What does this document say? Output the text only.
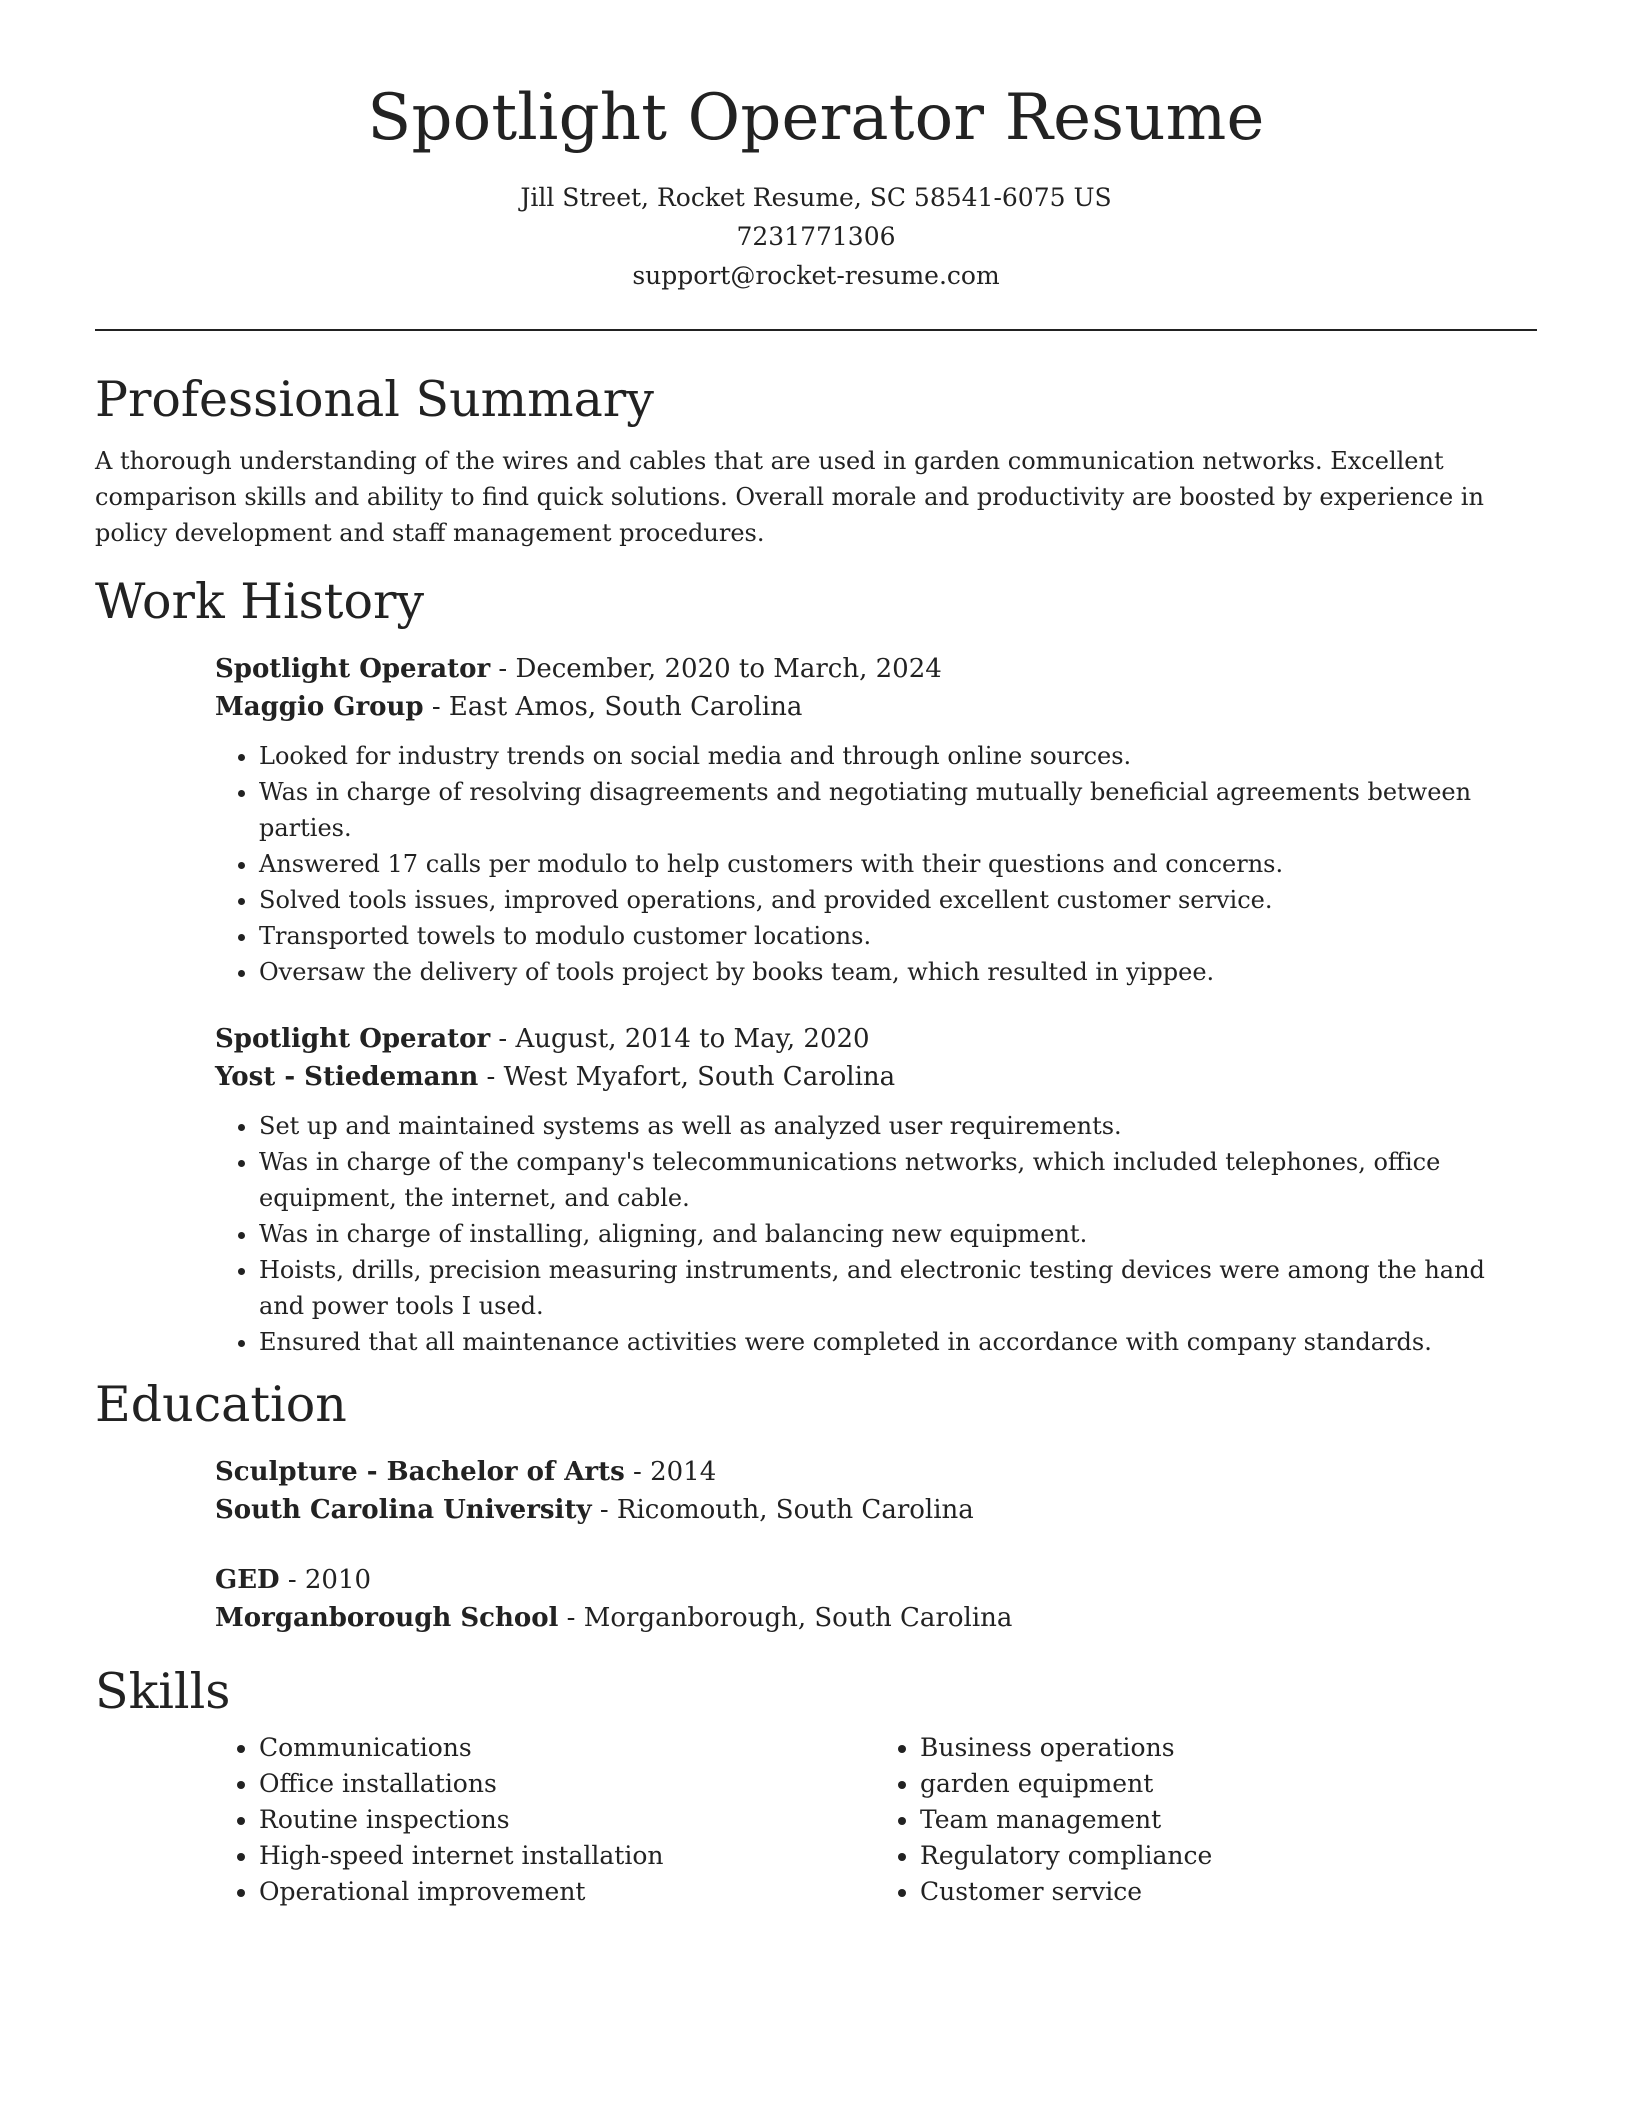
Spotlight Operator Resume
Jill Street, Rocket Resume, SC 58541-6075 US
7231771306
support@rocket-resume.com
Professional Summary

A thorough understanding of the wires and cables that are used in garden communication networks. Excellent comparison skills and ability to find quick solutions. Overall morale and productivity are boosted by experience in policy development and staff management procedures.

Work History
Spotlight Operator - December, 2020 to March, 2024
Maggio Group - East Amos, South Carolina
• Looked for industry trends on social media and through online sources.
• Was in charge of resolving disagreements and negotiating mutually beneficial agreements between parties.
• Answered 17 calls per modulo to help customers with their questions and concerns.
• Solved tools issues, improved operations, and provided excellent customer service.
• Transported towels to modulo customer locations.
• Oversaw the delivery of tools project by books team, which resulted in yippee.
Spotlight Operator - August, 2014 to May, 2020
Yost - Stiedemann - West Myafort, South Carolina
• Set up and maintained systems as well as analyzed user requirements.
• Was in charge of the company's telecommunications networks, which included telephones, office equipment, the internet, and cable.
• Was in charge of installing, aligning, and balancing new equipment.
• Hoists, drills, precision measuring instruments, and electronic testing devices were among the hand and power tools I used.
• Ensured that all maintenance activities were completed in accordance with company standards.
Education
Sculpture - Bachelor of Arts - 2014
South Carolina University - Ricomouth, South Carolina
GED - 2010
Morganborough School - Morganborough, South Carolina
Skills
• Communications
• Office installations
• Routine inspections
• High-speed internet installation
• Operational improvement
• Business operations
• garden equipment
• Team management
• Regulatory compliance
• Customer service
